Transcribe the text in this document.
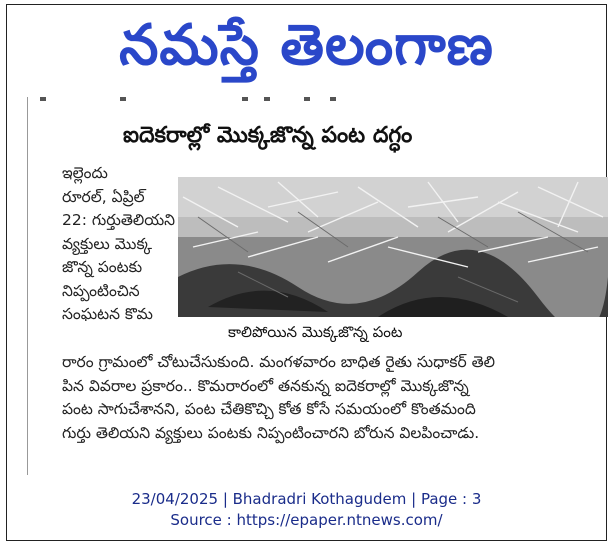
నమస్తే తెలంగాణ
ఐదెకరాల్లో మొక్కజొన్న పంట దగ్ధం
ఇల్లెందు
రూరల్, ఏప్రిల్
22: గుర్తుతెలియని
వ్యక్తులు మొక్క
జొన్న పంటకు
నిప్పంటించిన
సంఘటన కొమ
కాలిపోయిన మొక్కజొన్న పంట
రారం గ్రామంలో చోటుచేసుకుంది. మంగళవారం బాధిత రైతు సుధాకర్ తెలి
పిన వివరాల ప్రకారం.. కొమరారంలో తనకున్న ఐదెకరాల్లో మొక్కజొన్న
పంట సాగుచేశానని, పంట చేతికొచ్చి కోత కోసే సమయంలో కొంతమంది
గుర్తు తెలియని వ్యక్తులు పంటకు నిప్పంటించారని బోరున విలపించాడు.
23/04/2025 | Bhadradri Kothagudem | Page : 3
Source : https://epaper.ntnews.com/
